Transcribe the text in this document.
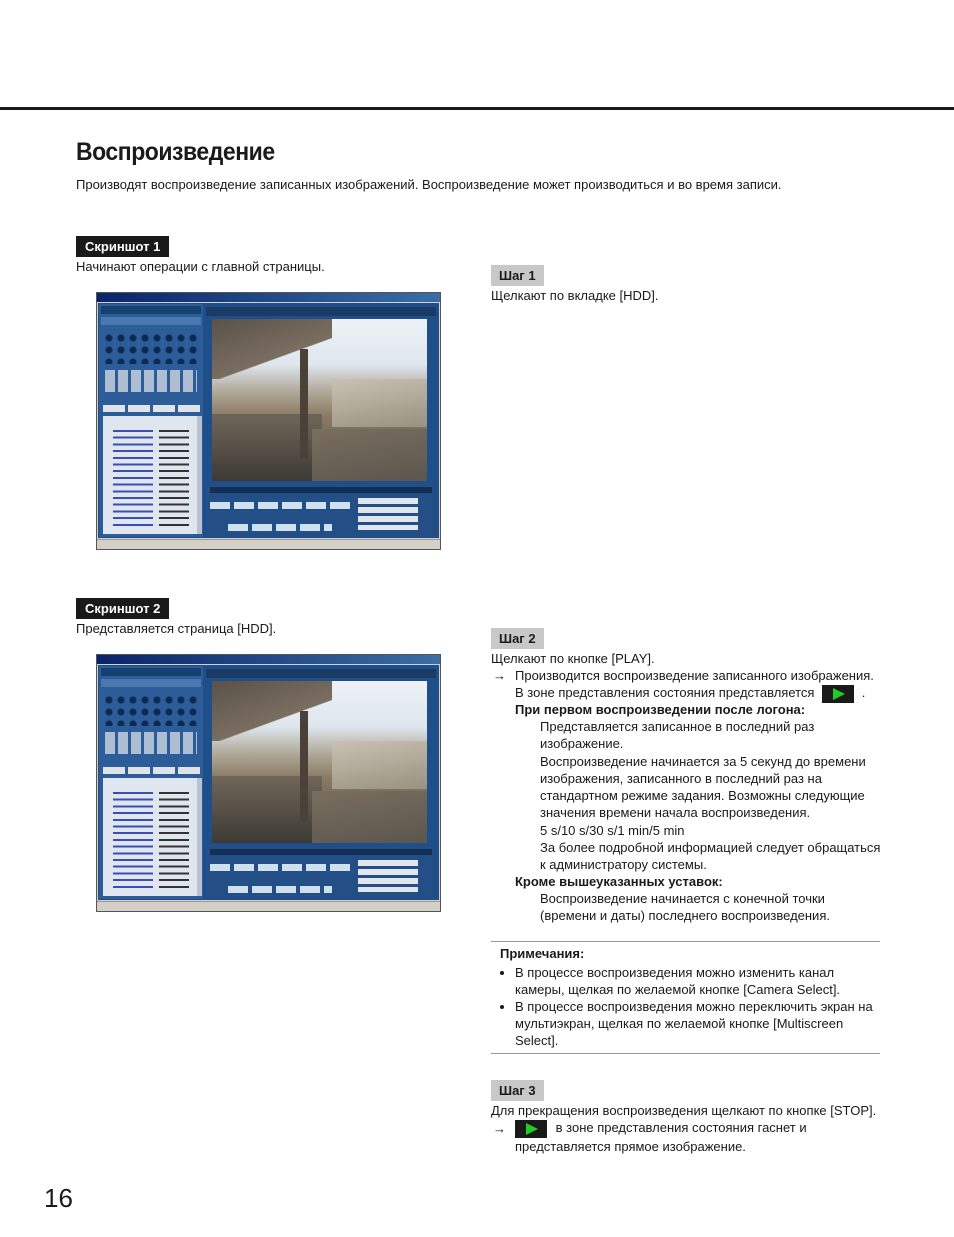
Воспроизведение
Производят воспроизведение записанных изображений. Воспроизведение может производиться и во время записи.
Скриншот 1
Начинают операции с главной страницы.
Шаг 1
Щелкают по вкладке [HDD].
Скриншот 2
Представляется страница [HDD].
Шаг 2
Щелкают по кнопке [PLAY].
→ Производится воспроизведение записанного изображения.
В зоне представления состояния представляется	.
При первом воспроизведении после логона:
Представляется записанное в последний раз
изображение.
Воспроизведение начинается за 5 секунд до времени
изображения, записанного в последний раз на
стандартном режиме задания. Возможны следующие
значения времени начала воспроизведения.
5 s/10 s/30 s/1 min/5 min
За более подробной информацией следует обращаться
к администратору системы.
Кроме вышеуказанных уставок:
Воспроизведение начинается с конечной точки
(времени и даты) последнего воспроизведения.
Примечания:
• В процессе воспроизведения можно изменить канал камеры, щелкая по желаемой кнопке [Camera Select].
• В процессе воспроизведения можно переключить экран на мультиэкран, щелкая по желаемой кнопке [Multiscreen Select].
Шаг 3
Для прекращения воспроизведения щелкают по кнопке [STOP].
→	в зоне представления состояния гаснет и
представляется прямое изображение.
16
